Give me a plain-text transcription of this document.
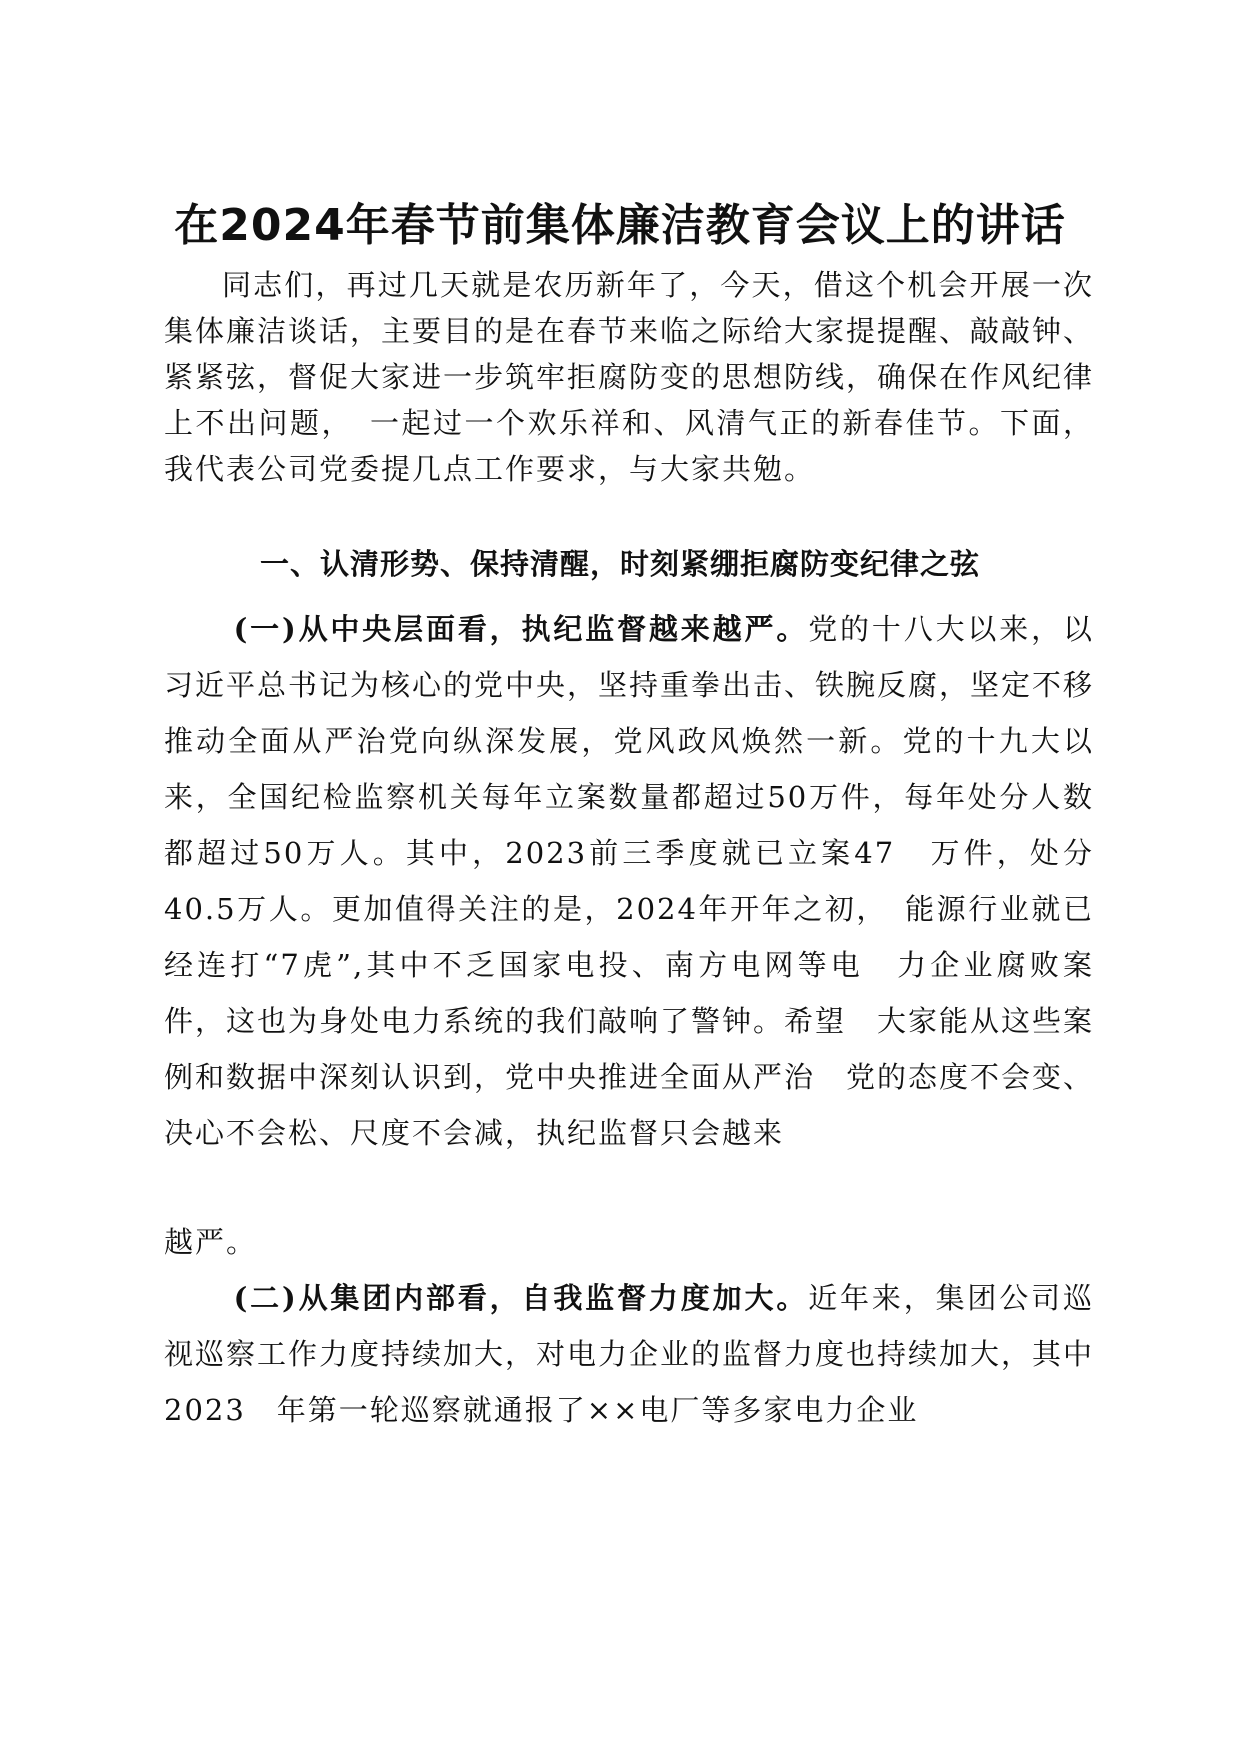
在2024年春节前集体廉洁教育会议上的讲话

同志们，再过几天就是农历新年了，今天，借这个机会开展一次集体廉洁谈话，主要目的是在春节来临之际给大家提提醒、敲敲钟、紧紧弦，督促大家进一步筑牢拒腐防变的思想防线，确保在作风纪律上不出问题，　一起过一个欢乐祥和、风清气正的新春佳节。下面，我代表公司党委提几点工作要求，与大家共勉。

一、认清形势、保持清醒，时刻紧绷拒腐防变纪律之弦

(一)从中央层面看，执纪监督越来越严。党的十八大以来，以习近平总书记为核心的党中央，坚持重拳出击、铁腕反腐，坚定不移推动全面从严治党向纵深发展，党风政风焕然一新。党的十九大以来，全国纪检监察机关每年立案数量都超过50万件，每年处分人数都超过50万人。其中，2023前三季度就已立案47　万件，处分40.5万人。更加值得关注的是，2024年开年之初，　能源行业就已经连打“7虎”,其中不乏国家电投、南方电网等电　力企业腐败案件，这也为身处电力系统的我们敲响了警钟。希望　大家能从这些案例和数据中深刻认识到，党中央推进全面从严治　党的态度不会变、决心不会松、尺度不会减，执纪监督只会越来

越严。

(二)从集团内部看，自我监督力度加大。近年来，集团公司巡视巡察工作力度持续加大，对电力企业的监督力度也持续加大，其中2023　年第一轮巡察就通报了××电厂等多家电力企业
